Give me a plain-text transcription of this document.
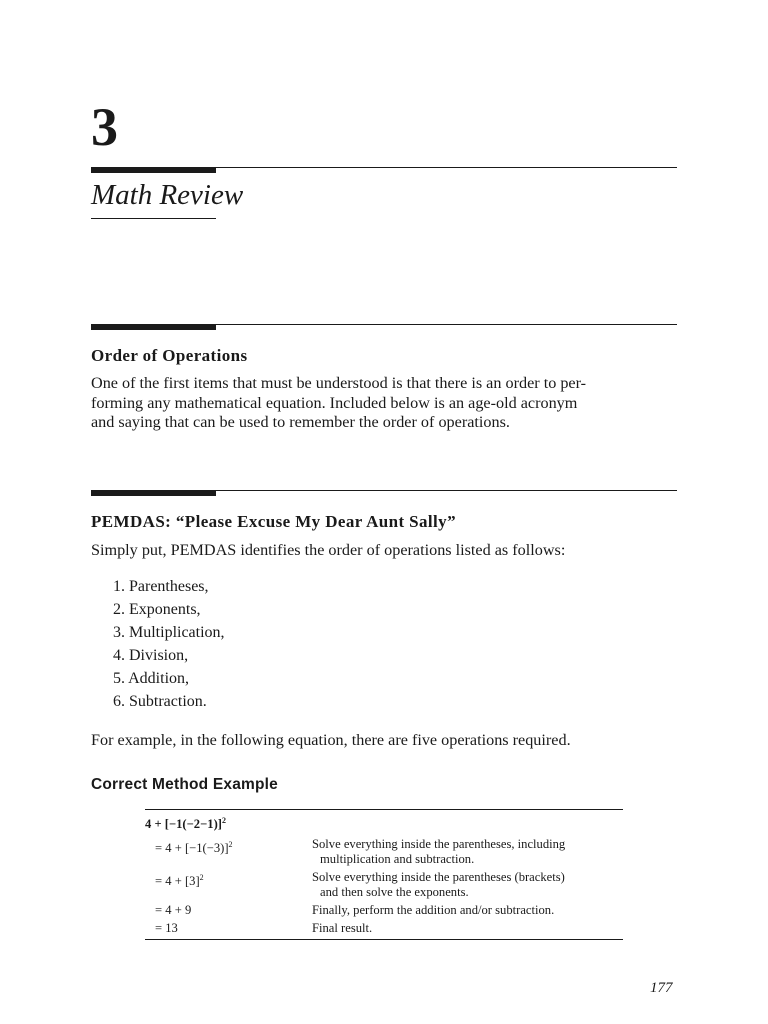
3
Math Review
Order of Operations
One of the first items that must be understood is that there is an order to per-
forming any mathematical equation. Included below is an age-old acronym
and saying that can be used to remember the order of operations.
PEMDAS: “Please Excuse My Dear Aunt Sally”
Simply put, PEMDAS identifies the order of operations listed as follows:
1. Parentheses,
2. Exponents,
3. Multiplication,
4. Division,
5. Addition,
6. Subtraction.
For example, in the following equation, there are five operations required.
Correct Method Example
$4 + [-1(-2-1)]^2$
= $4 + [-1(-3)]^2$	Solve everything inside the parentheses, including
multiplication and subtraction.
= $4 + [3]^2$	Solve everything inside the parentheses (brackets)
and then solve the exponents.
= 4 + 9	Finally, perform the addition and/or subtraction.
= 13	Final result.
177
